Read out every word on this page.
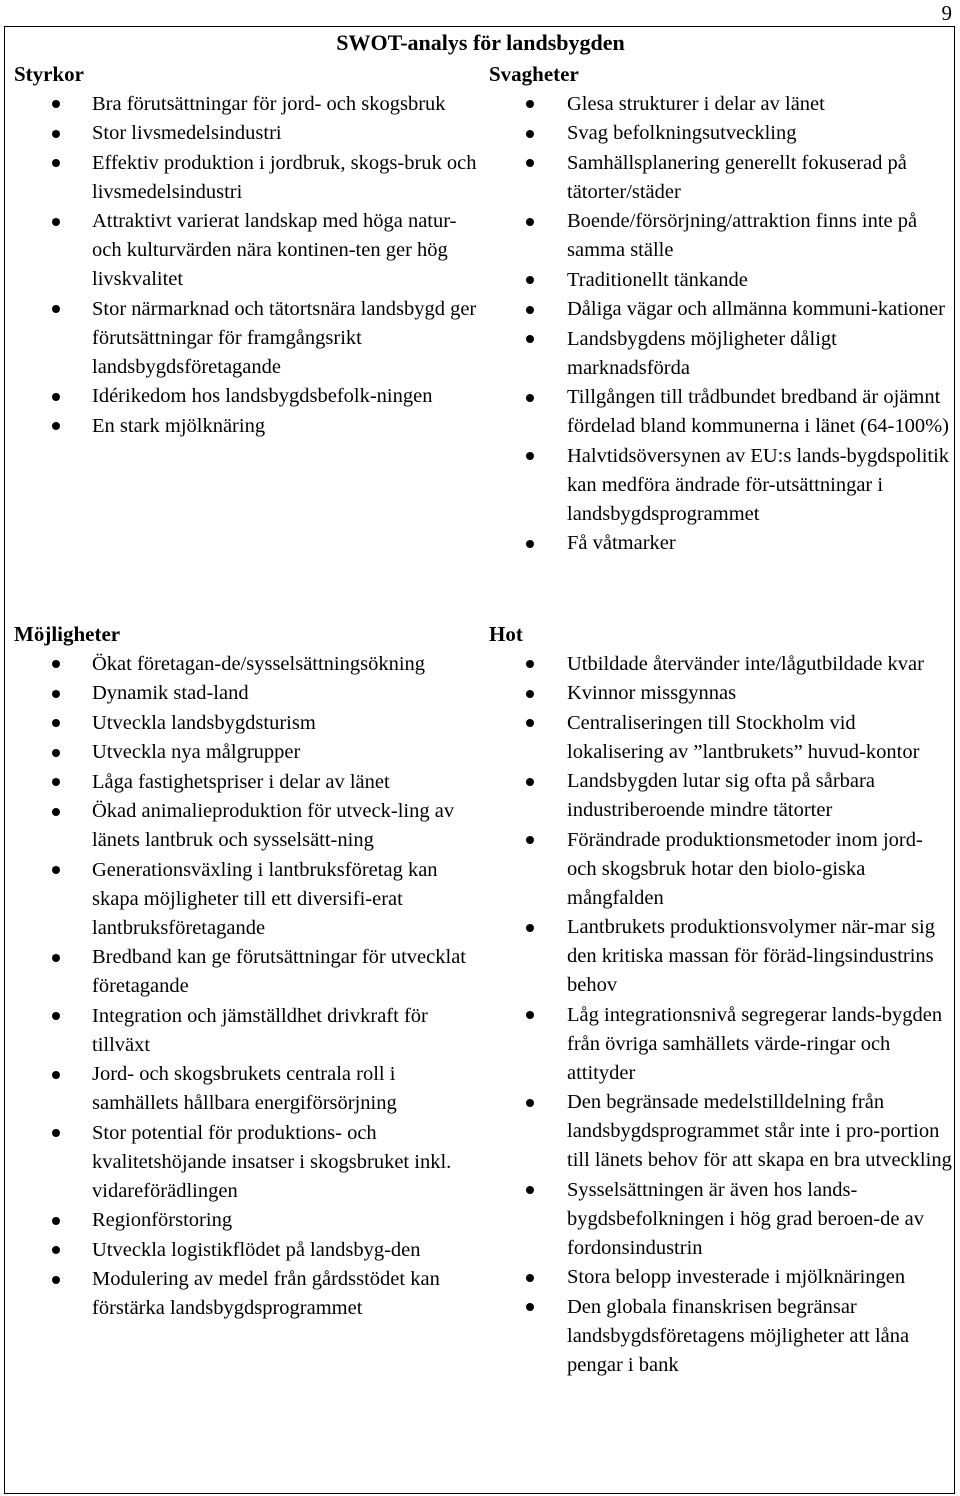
9
SWOT-analys för landsbygden
Styrkor
Bra förutsättningar för jord- och skogsbruk
Stor livsmedelsindustri
Effektiv produktion i jordbruk, skogs-bruk och livsmedelsindustri
Attraktivt varierat landskap med höga natur- och kulturvärden nära kontinen-ten ger hög livskvalitet
Stor närmarknad och tätortsnära landsbygd ger förutsättningar för framgångsrikt landsbygdsföretagande
Idérikedom hos landsbygdsbefolk-ningen
En stark mjölknäring
Svagheter
Glesa strukturer i delar av länet
Svag befolkningsutveckling
Samhällsplanering generellt fokuserad på tätorter/städer
Boende/försörjning/attraktion finns inte på samma ställe
Traditionellt tänkande
Dåliga vägar och allmänna kommuni-kationer
Landsbygdens möjligheter dåligt marknadsförda
Tillgången till trådbundet bredband är ojämnt fördelad bland kommunerna i länet (64-100%)
Halvtidsöversynen av EU:s lands-bygdspolitik kan medföra ändrade för-utsättningar i landsbygdsprogrammet
Få våtmarker
Möjligheter
Ökat företagan-de/sysselsättningsökning
Dynamik stad-land
Utveckla landsbygdsturism
Utveckla nya målgrupper
Låga fastighetspriser i delar av länet
Ökad animalieproduktion för utveck-ling av länets lantbruk och sysselsätt-ning
Generationsväxling i lantbruksföretag kan skapa möjligheter till ett diversifi-erat lantbruksföretagande
Bredband kan ge förutsättningar för utvecklat företagande
Integration och jämställdhet drivkraft för tillväxt
Jord- och skogsbrukets centrala roll i samhällets hållbara energiförsörjning
Stor potential för produktions- och kvalitetshöjande insatser i skogsbruket inkl. vidareförädlingen
Regionförstoring
Utveckla logistikflödet på landsbyg-den
Modulering av medel från gårdsstödet kan förstärka landsbygdsprogrammet
Hot
Utbildade återvänder inte/lågutbildade kvar
Kvinnor missgynnas
Centraliseringen till Stockholm vid lokalisering av ”lantbrukets” huvud-kontor
Landsbygden lutar sig ofta på sårbara industriberoende mindre tätorter
Förändrade produktionsmetoder inom jord- och skogsbruk hotar den biolo-giska mångfalden
Lantbrukets produktionsvolymer när-mar sig den kritiska massan för föräd-lingsindustrins behov
Låg integrationsnivå segregerar lands-bygden från övriga samhällets värde-ringar och attityder
Den begränsade medelstilldelning från landsbygdsprogrammet står inte i pro-portion till länets behov för att skapa en bra utveckling
Sysselsättningen är även hos lands-bygdsbefolkningen i hög grad beroen-de av fordonsindustrin
Stora belopp investerade i mjölknäringen
Den globala finanskrisen begränsar landsbygdsföretagens möjligheter att låna pengar i bank
